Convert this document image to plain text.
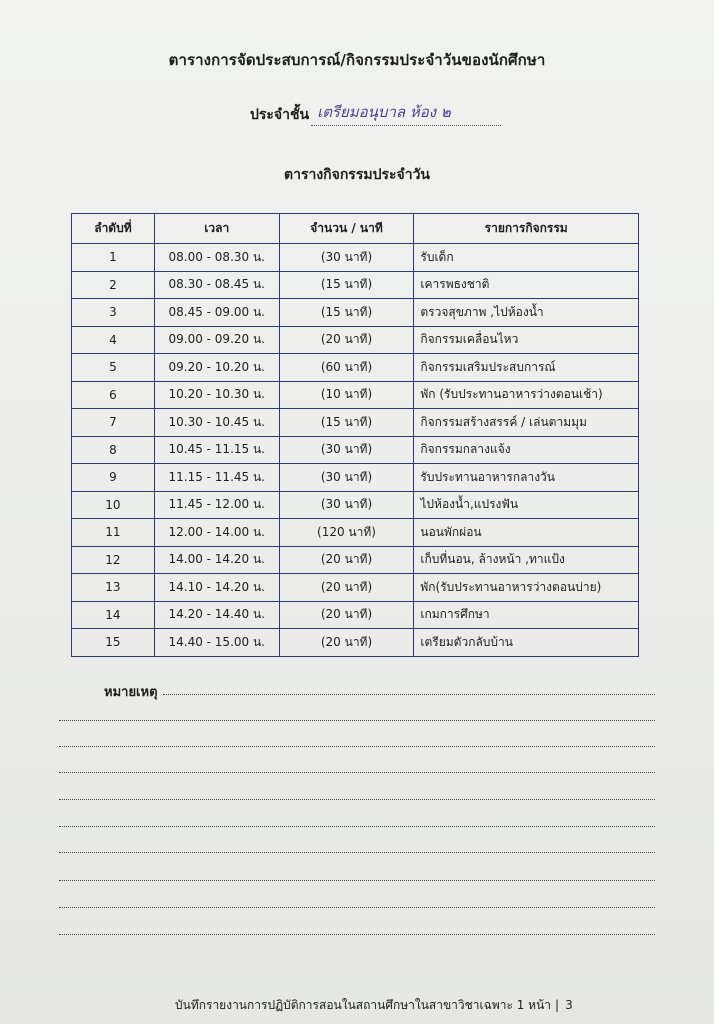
ตารางการจัดประสบการณ์/กิจกรรมประจำวันของนักศึกษา
ประจำชั้น เตรียมอนุบาล ห้อง ๒
ตารางกิจกรรมประจำวัน
ลำดับที่	เวลา	จำนวน / นาที	รายการกิจกรรม
1	08.00 - 08.30 น.	(30 นาที)	รับเด็ก
2	08.30 - 08.45 น.	(15 นาที)	เคารพธงชาติ
3	08.45 - 09.00 น.	(15 นาที)	ตรวจสุขภาพ ,ไปห้องน้ำ
4	09.00 - 09.20 น.	(20 นาที)	กิจกรรมเคลื่อนไหว
5	09.20 - 10.20 น.	(60 นาที)	กิจกรรมเสริมประสบการณ์
6	10.20 - 10.30 น.	(10 นาที)	พัก (รับประทานอาหารว่างตอนเช้า)
7	10.30 - 10.45 น.	(15 นาที)	กิจกรรมสร้างสรรค์ / เล่นตามมุม
8	10.45 - 11.15 น.	(30 นาที)	กิจกรรมกลางแจ้ง
9	11.15 - 11.45 น.	(30 นาที)	รับประทานอาหารกลางวัน
10	11.45 - 12.00 น.	(30 นาที)	ไปห้องน้ำ,แปรงฟัน
11	12.00 - 14.00 น.	(120 นาที)	นอนพักผ่อน
12	14.00 - 14.20 น.	(20 นาที)	เก็บที่นอน, ล้างหน้า ,ทาแป้ง
13	14.10 - 14.20 น.	(20 นาที)	พัก(รับประทานอาหารว่างตอนบ่าย)
14	14.20 - 14.40 น.	(20 นาที)	เกมการศึกษา
15	14.40 - 15.00 น.	(20 นาที)	เตรียมตัวกลับบ้าน
หมายเหตุ
บันทึกรายงานการปฏิบัติการสอนในสถานศึกษาในสาขาวิชาเฉพาะ 1 หน้า | 3
